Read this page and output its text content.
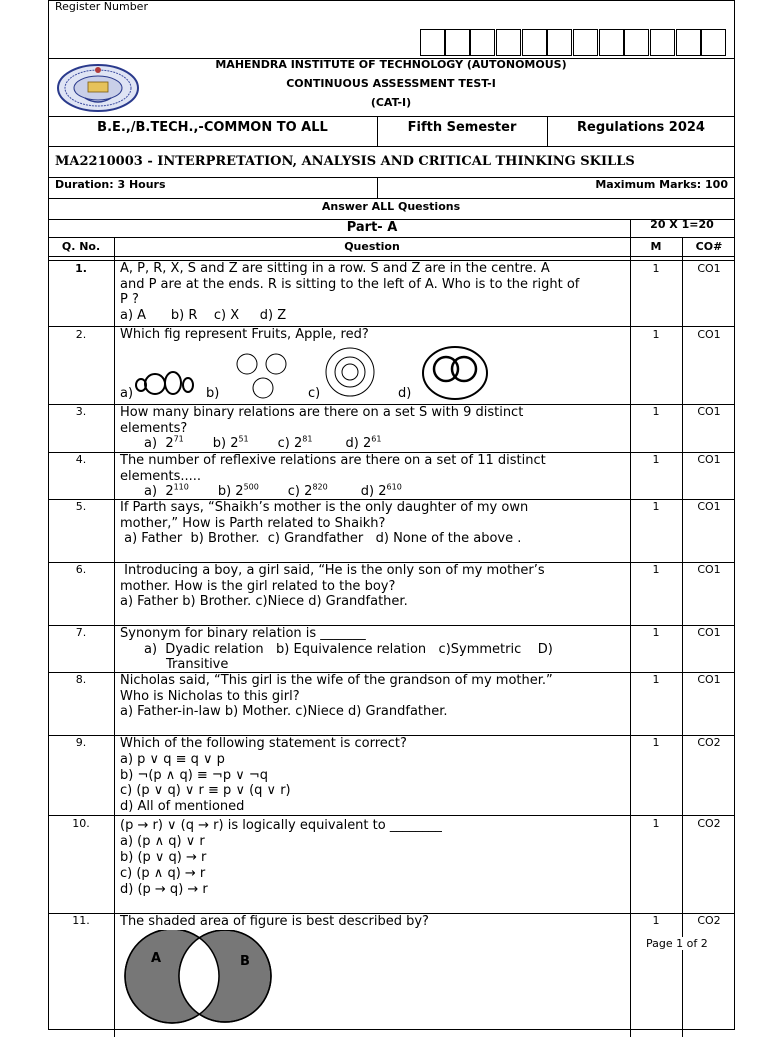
Register Number
MAHENDRA INSTITUTE OF TECHNOLOGY (AUTONOMOUS)
CONTINUOUS ASSESSMENT TEST-I
(CAT-I)
B.E.,/B.TECH.,-COMMON TO ALL	Fifth Semester	Regulations 2024
MA2210003 - INTERPRETATION, ANALYSIS AND CRITICAL THINKING SKILLS
Duration: 3 Hours	Maximum Marks: 100
Answer ALL Questions
Part- A	20 X 1=20
Q. No.	Question	M	CO#
1.	A, P, R, X, S and Z are sitting in a row. S and Z are in the centre. A
and P are at the ends. R is sitting to the left of A. Who is to the right of
P ?
a) A      b) R    c) X     d) Z
1	CO1
2.	Which fig represent Fruits, Apple, red?
a)	b)	c)	d)
1	CO1
3.	How many binary relations are there on a set S with 9 distinct
elements?
a) $2^{71}$ b) $2^{51}$ c) $2^{81}$	d) $2^{61}$
1	CO1
4.	The number of reflexive relations are there on a set of 11 distinct
elements.....
a) $2^{110}$ b) $2^{500}$ c) $2^{820}$	d) $2^{610}$
1	CO1
5.	If Parth says, “Shaikh’s mother is the only daughter of my own
mother,” How is Parth related to Shaikh?
a) Father  b) Brother.  c) Grandfather   d) None of the above .
1	CO1
6.	Introducing a boy, a girl said, “He is the only son of my mother’s
mother. How is the girl related to the boy?
a) Father b) Brother. c)Niece d) Grandfather.
1	CO1
7.	Synonym for binary relation is _______
a)  Dyadic relation   b) Equivalence relation   c)Symmetric    D)
Transitive
1	CO1
8.	Nicholas said, “This girl is the wife of the grandson of my mother.”
Who is Nicholas to this girl?
a) Father-in-law b) Mother. c)Niece d) Grandfather.
1	CO1
9.	Which of the following statement is correct?
a) p ∨ q ≡ q ∨ p
b) ¬(p ∧ q) ≡ ¬p ∨ ¬q
c) (p ∨ q) ∨ r ≡ p ∨ (q ∨ r)
d) All of mentioned
1	CO2
10.	(p → r) ∨ (q → r) is logically equivalent to ________
a) (p ∧ q) ∨ r
b) (p ∨ q) → r
c) (p ∧ q) → r
d) (p → q) → r
1	CO2
11.	The shaded area of figure is best described by?
A	B
1	CO2
Page 1 of 2
